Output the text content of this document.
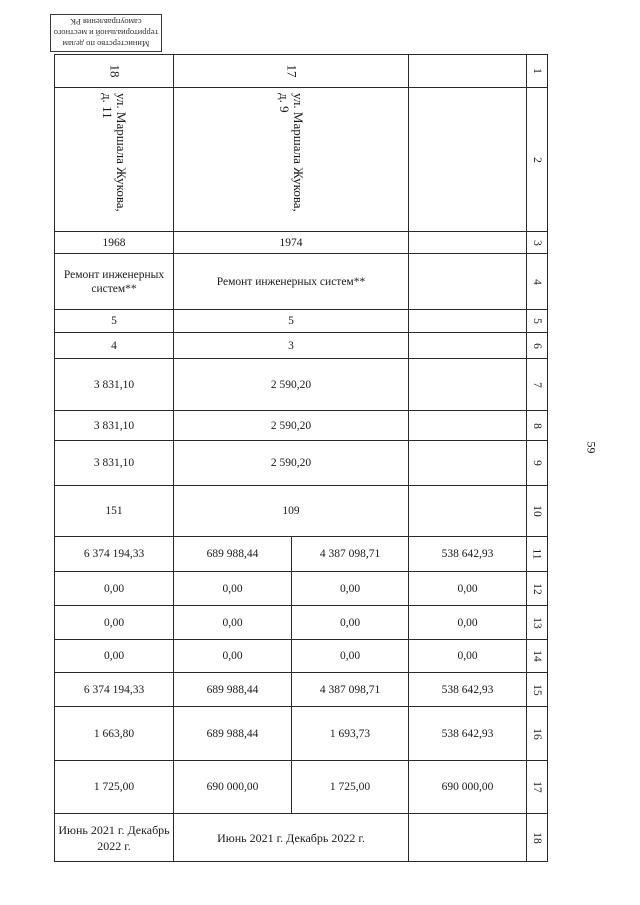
Министерство по делам
территориальной и местного
самоуправления РК
59
18	17			1
ул. Маршала Жукова, д. 11	ул. Маршала Жукова, д. 9			2
1968	1974			3
Ремонт инженерных систем**	Ремонт инженерных систем**			4
5	5			5
4	3			6
3 831,10	2 590,20			7
3 831,10	2 590,20			8
3 831,10	2 590,20			9
151	109			10
6 374 194,33	689 988,44	4 387 098,71	538 642,93	11
0,00	0,00	0,00	0,00	12
0,00	0,00	0,00	0,00	13
0,00	0,00	0,00	0,00	14
6 374 194,33	689 988,44	4 387 098,71	538 642,93	15
1 663,80	689 988,44	1 693,73	538 642,93	16
1 725,00	690 000,00	1 725,00	690 000,00	17
Июнь 2021 г. Декабрь 2022 г.	Июнь 2021 г. Декабрь 2022 г.			18
